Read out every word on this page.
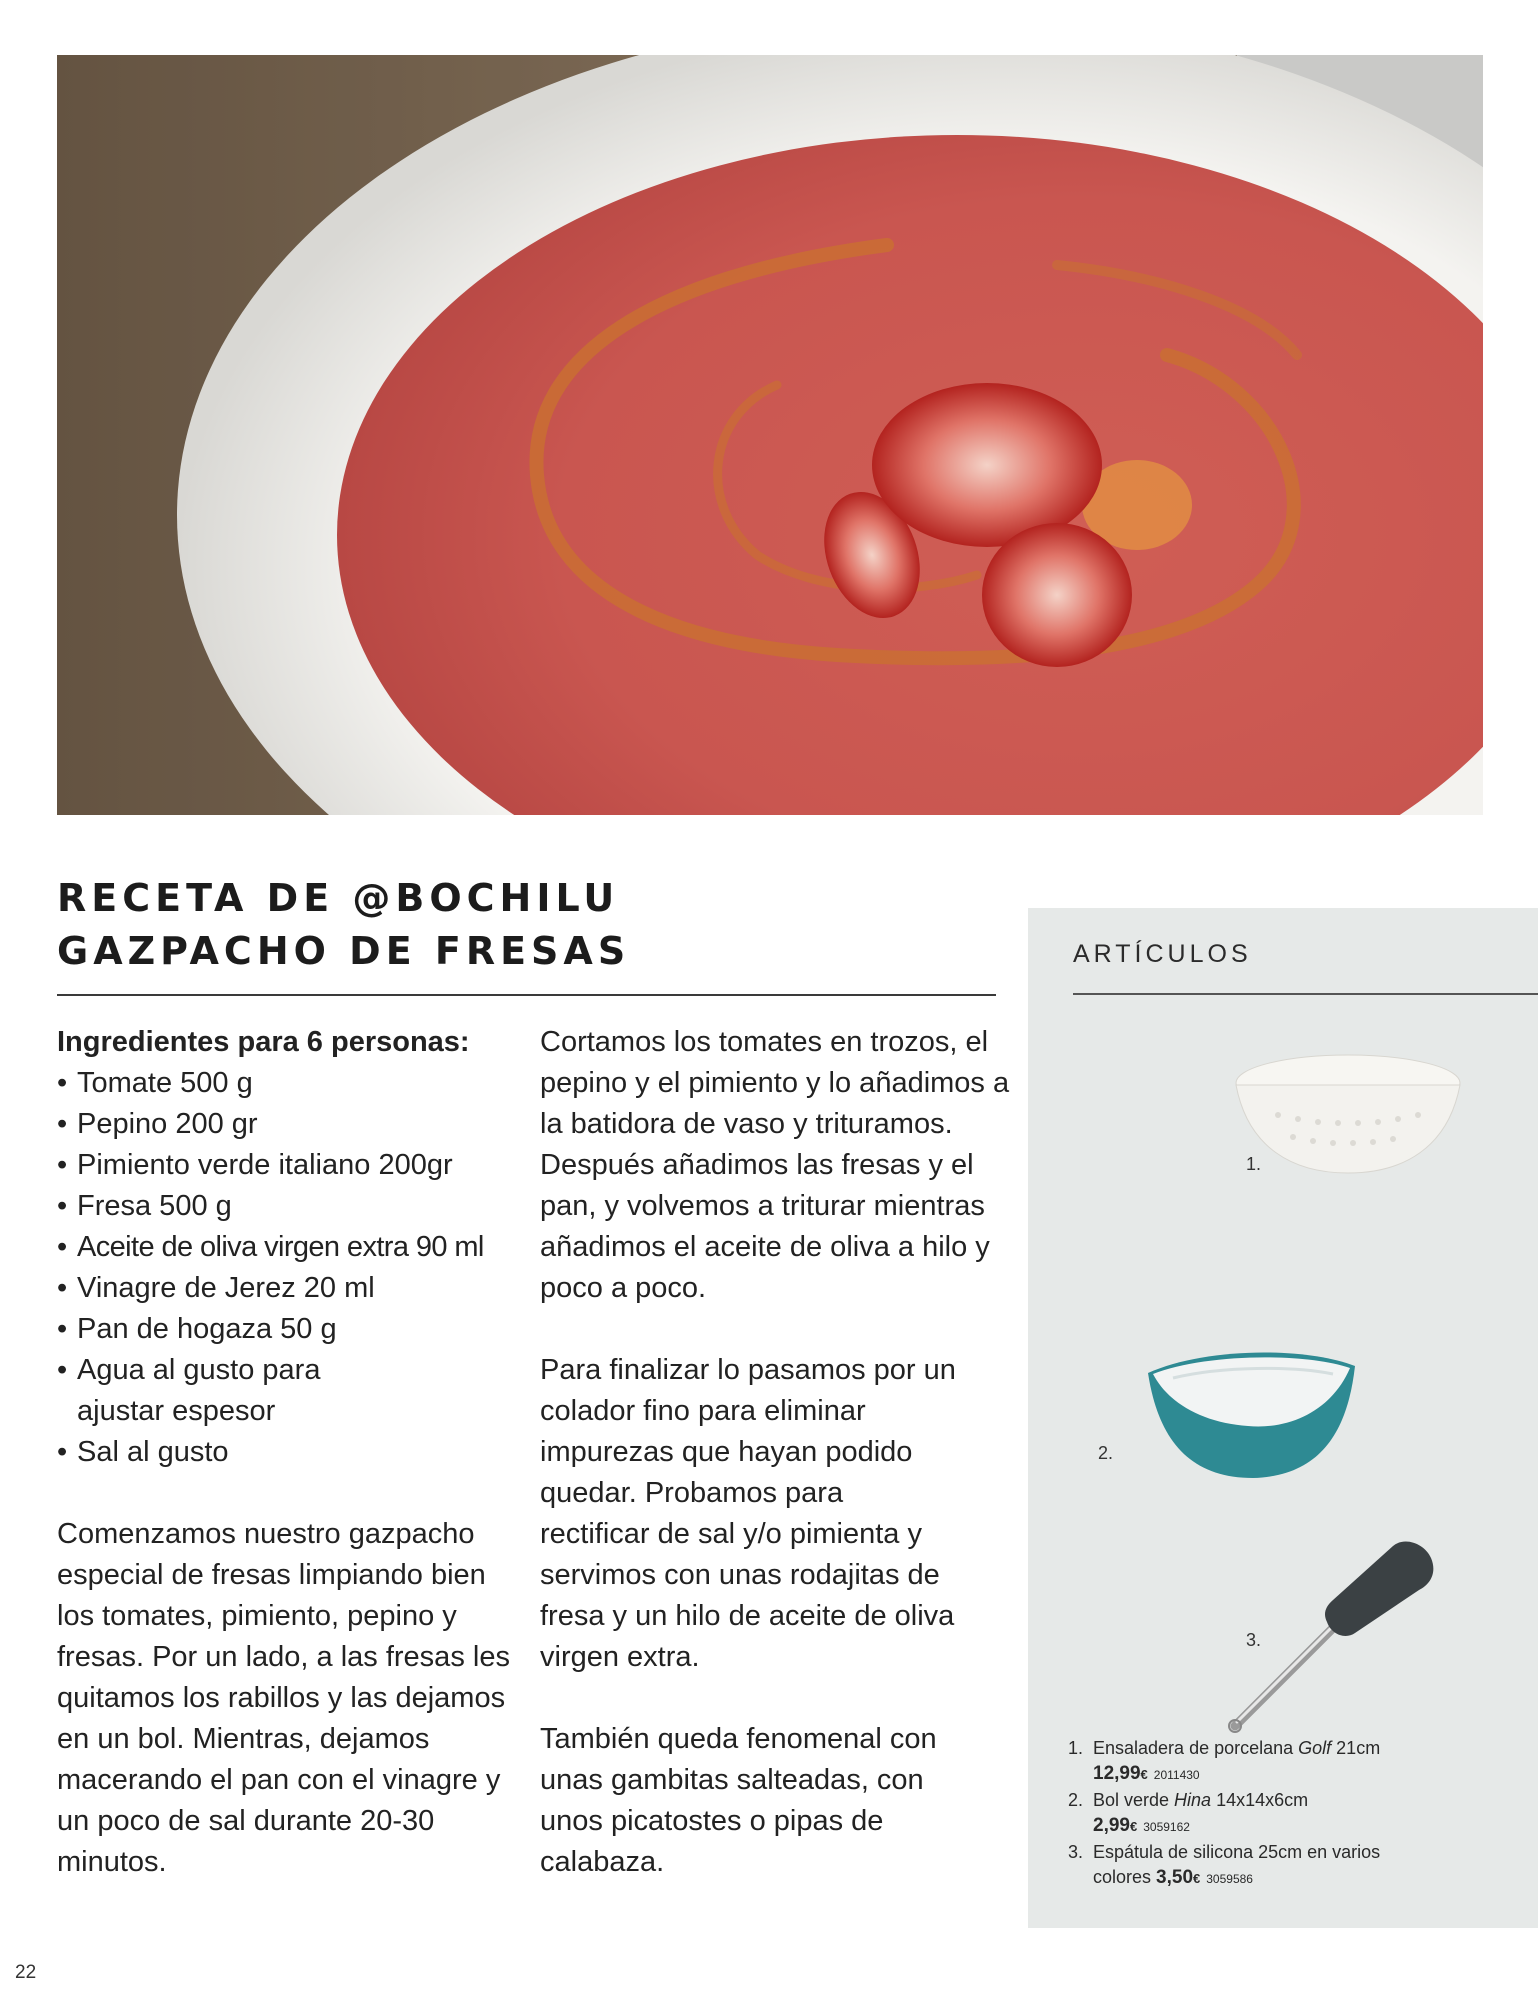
RECETA DE @BOCHILU
GAZPACHO DE FRESAS
Ingredientes para 6 personas:
• Tomate 500 g
• Pepino 200 gr
• Pimiento verde italiano 200gr
• Fresa 500 g
• Aceite de oliva virgen extra 90 ml
• Vinagre de Jerez 20 ml
• Pan de hogaza 50 g
• Agua al gusto para ajustar espesor
• Sal al gusto

Comenzamos nuestro gazpacho especial de fresas limpiando bien los tomates, pimiento, pepino y fresas. Por un lado, a las fresas les quitamos los rabillos y las dejamos en un bol. Mientras, dejamos macerando el pan con el vinagre y un poco de sal durante 20-30 minutos.

Cortamos los tomates en trozos, el pepino y el pimiento y lo añadimos a la batidora de vaso y trituramos. Después añadimos las fresas y el pan, y volvemos a triturar mientras añadimos el aceite de oliva a hilo y poco a poco.

Para finalizar lo pasamos por un colador fino para eliminar impurezas que hayan podido quedar. Probamos para rectificar de sal y/o pimienta y servimos con unas rodajitas de fresa y un hilo de aceite de oliva virgen extra.

También queda fenomenal con unas gambitas salteadas, con unos picatostes o pipas de calabaza.

ARTÍCULOS
1.
2.
3.
1. Ensaladera de porcelana Golf 21cm
12,99€ 2011430
2. Bol verde Hina 14x14x6cm
2,99€ 3059162
3. Espátula de silicona 25cm en varios
colores 3,50€ 3059586
22
